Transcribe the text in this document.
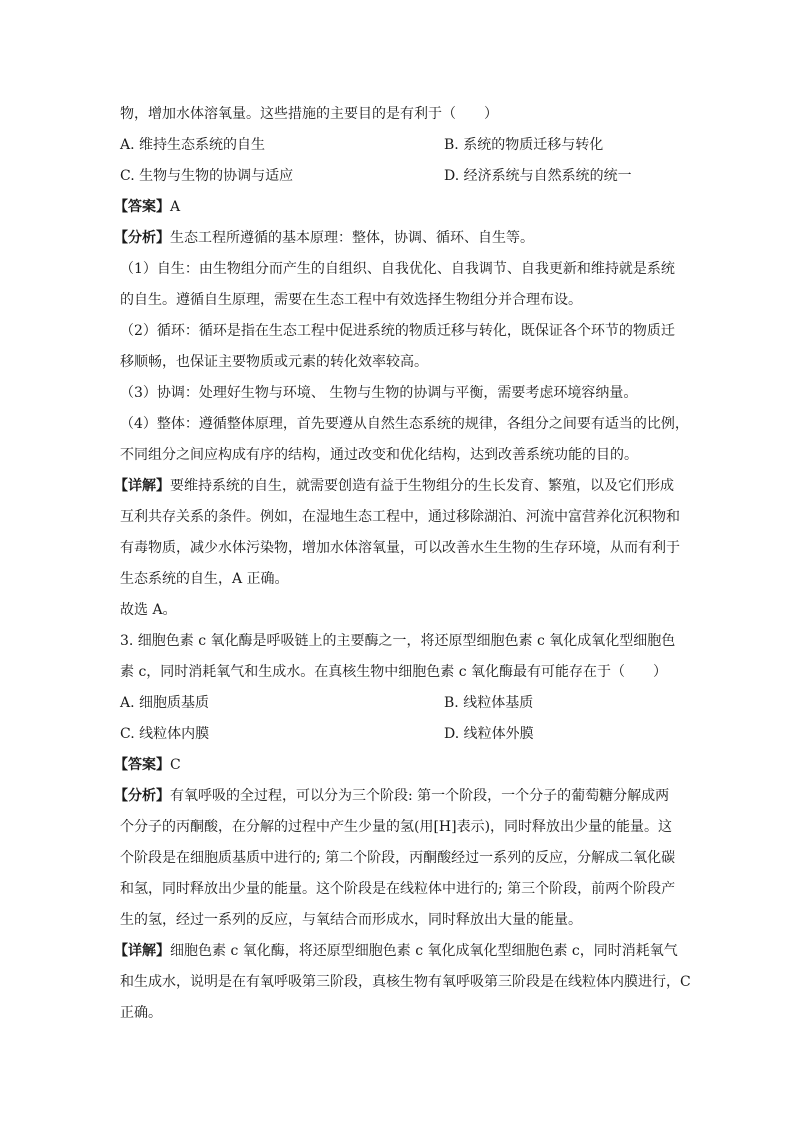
物，增加水体溶氧量。这些措施的主要目的是有利于（　　）

A. 维持生态系统的自生	B. 系统的物质迁移与转化
C. 生物与生物的协调与适应	D. 经济系统与自然系统的统一

【答案】A

【分析】生态工程所遵循的基本原理：整体，协调、循环、自生等。

（1）自生：由生物组分而产生的自组织、自我优化、自我调节、自我更新和维持就是系统

的自生。遵循自生原理，需要在生态工程中有效选择生物组分并合理布设。

（2）循环：循环是指在生态工程中促进系统的物质迁移与转化，既保证各个环节的物质迁

移顺畅，也保证主要物质或元素的转化效率较高。

（3）协调：处理好生物与环境、 生物与生物的协调与平衡，需要考虑环境容纳量。

（4）整体：遵循整体原理，首先要遵从自然生态系统的规律，各组分之间要有适当的比例，

不同组分之间应构成有序的结构，通过改变和优化结构，达到改善系统功能的目的。

【详解】要维持系统的自生，就需要创造有益于生物组分的生长发育、繁殖，以及它们形成

互利共存关系的条件。例如，在湿地生态工程中，通过移除湖泊、河流中富营养化沉积物和

有毒物质，减少水体污染物，增加水体溶氧量，可以改善水生生物的生存环境，从而有利于

生态系统的自生，A 正确。

故选 A。

3. 细胞色素 c 氧化酶是呼吸链上的主要酶之一，将还原型细胞色素 c 氧化成氧化型细胞色

素 c，同时消耗氧气和生成水。在真核生物中细胞色素 c 氧化酶最有可能存在于（　　）

A. 细胞质基质	B. 线粒体基质
C. 线粒体内膜	D. 线粒体外膜

【答案】C

【分析】有氧呼吸的全过程，可以分为三个阶段: 第一个阶段，一个分子的葡萄糖分解成两

个分子的丙酮酸，在分解的过程中产生少量的氢(用[H]表示)，同时释放出少量的能量。这

个阶段是在细胞质基质中进行的; 第二个阶段，丙酮酸经过一系列的反应，分解成二氧化碳

和氢，同时释放出少量的能量。这个阶段是在线粒体中进行的; 第三个阶段，前两个阶段产

生的氢，经过一系列的反应，与氧结合而形成水，同时释放出大量的能量。

【详解】细胞色素 c 氧化酶，将还原型细胞色素 c 氧化成氧化型细胞色素 c，同时消耗氧气

和生成水，说明是在有氧呼吸第三阶段，真核生物有氧呼吸第三阶段是在线粒体内膜进行，C

正确。
